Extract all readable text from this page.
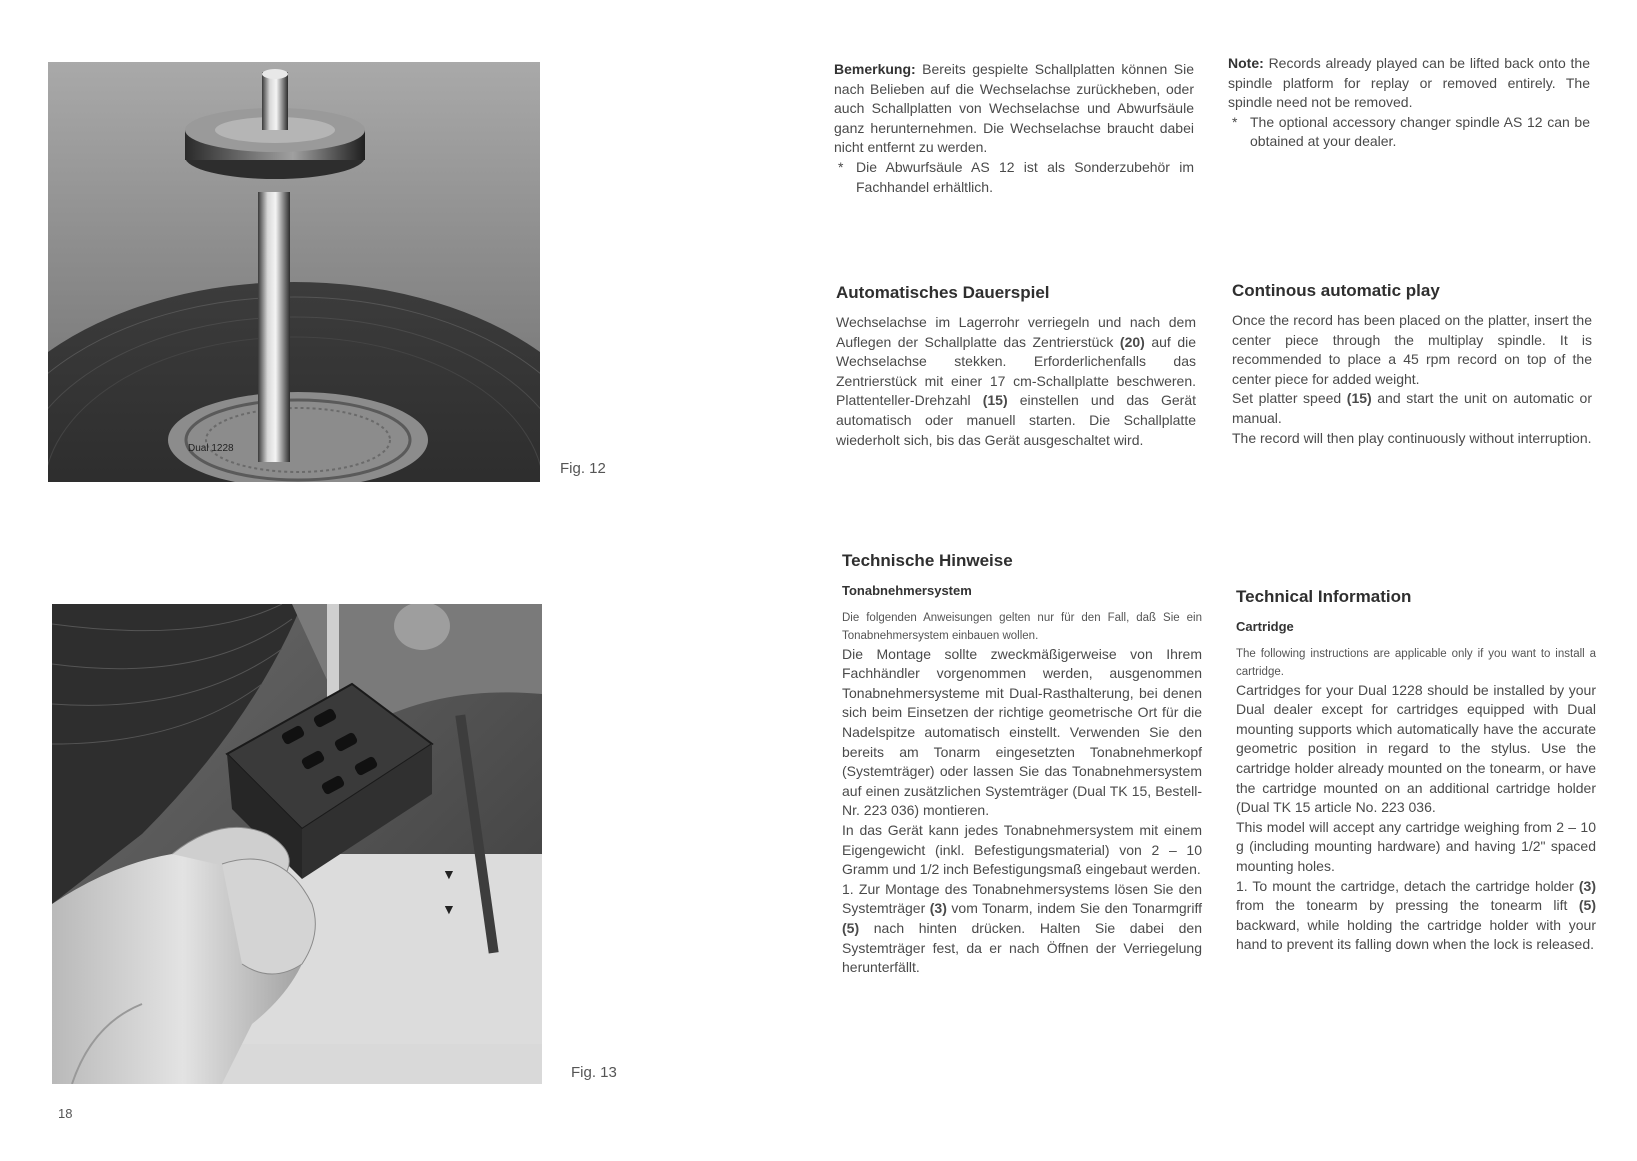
Dual 1228
Fig. 12
▼
▼
Fig. 13
18

Bemerkung: Bereits gespielte Schallplatten können Sie nach Belieben auf die Wechselachse zurückheben, oder auch Schallplatten von Wechselachse und Abwurfsäule ganz herunternehmen. Die Wechselachse braucht dabei nicht entfernt zu werden.

* Die Abwurfsäule AS 12 ist als Sonderzubehör im Fachhandel erhältlich.

Note: Records already played can be lifted back onto the spindle platform for replay or removed entirely. The spindle need not be removed.

* The optional accessory changer spindle AS 12 can be obtained at your dealer.

Automatisches Dauerspiel

Wechselachse im Lagerrohr verriegeln und nach dem Auflegen der Schallplatte das Zentrierstück (20) auf die Wechselachse stekken. Erforderlichenfalls das Zentrierstück mit einer 17 cm-Schallplatte beschweren. Plattenteller-Drehzahl (15) einstellen und das Gerät automatisch oder manuell starten. Die Schallplatte wiederholt sich, bis das Gerät ausgeschaltet wird.

Continous automatic play

Once the record has been placed on the platter, insert the center piece through the multiplay spindle. It is recommended to place a 45 rpm record on top of the center piece for added weight.

Set platter speed (15) and start the unit on automatic or manual.

The record will then play continuously without interruption.

Technische Hinweise
Tonabnehmersystem

Die folgenden Anweisungen gelten nur für den Fall, daß Sie ein Tonabnehmersystem einbauen wollen.

Die Montage sollte zweckmäßigerweise von Ihrem Fachhändler vorgenommen werden, ausgenommen Tonabnehmersysteme mit Dual-Rasthalterung, bei denen sich beim Einsetzen der richtige geometrische Ort für die Nadelspitze automatisch einstellt. Verwenden Sie den bereits am Tonarm eingesetzten Tonabnehmerkopf (Systemträger) oder lassen Sie das Tonabnehmersystem auf einen zusätzlichen Systemträger (Dual TK 15, Bestell-Nr. 223 036) montieren.

In das Gerät kann jedes Tonabnehmersystem mit einem Eigengewicht (inkl. Befestigungsmaterial) von 2 – 10 Gramm und 1/2 inch Befestigungsmaß eingebaut werden.

1. Zur Montage des Tonabnehmersystems lösen Sie den Systemträger (3) vom Tonarm, indem Sie den Tonarmgriff (5) nach hinten drücken. Halten Sie dabei den Systemträger fest, da er nach Öffnen der Verriegelung herunterfällt.

Technical Information
Cartridge

The following instructions are applicable only if you want to install a cartridge.

Cartridges for your Dual 1228 should be installed by your Dual dealer except for cartridges equipped with Dual mounting supports which automatically have the accurate geometric position in regard to the stylus. Use the cartridge holder already mounted on the tonearm, or have the cartridge mounted on an additional cartridge holder (Dual TK 15 article No. 223 036.

This model will accept any cartridge weighing from 2 – 10 g (including mounting hardware) and having 1/2" spaced mounting holes.

1. To mount the cartridge, detach the cartridge holder (3) from the tonearm by pressing the tonearm lift (5) backward, while holding the cartridge holder with your hand to prevent its falling down when the lock is released.
